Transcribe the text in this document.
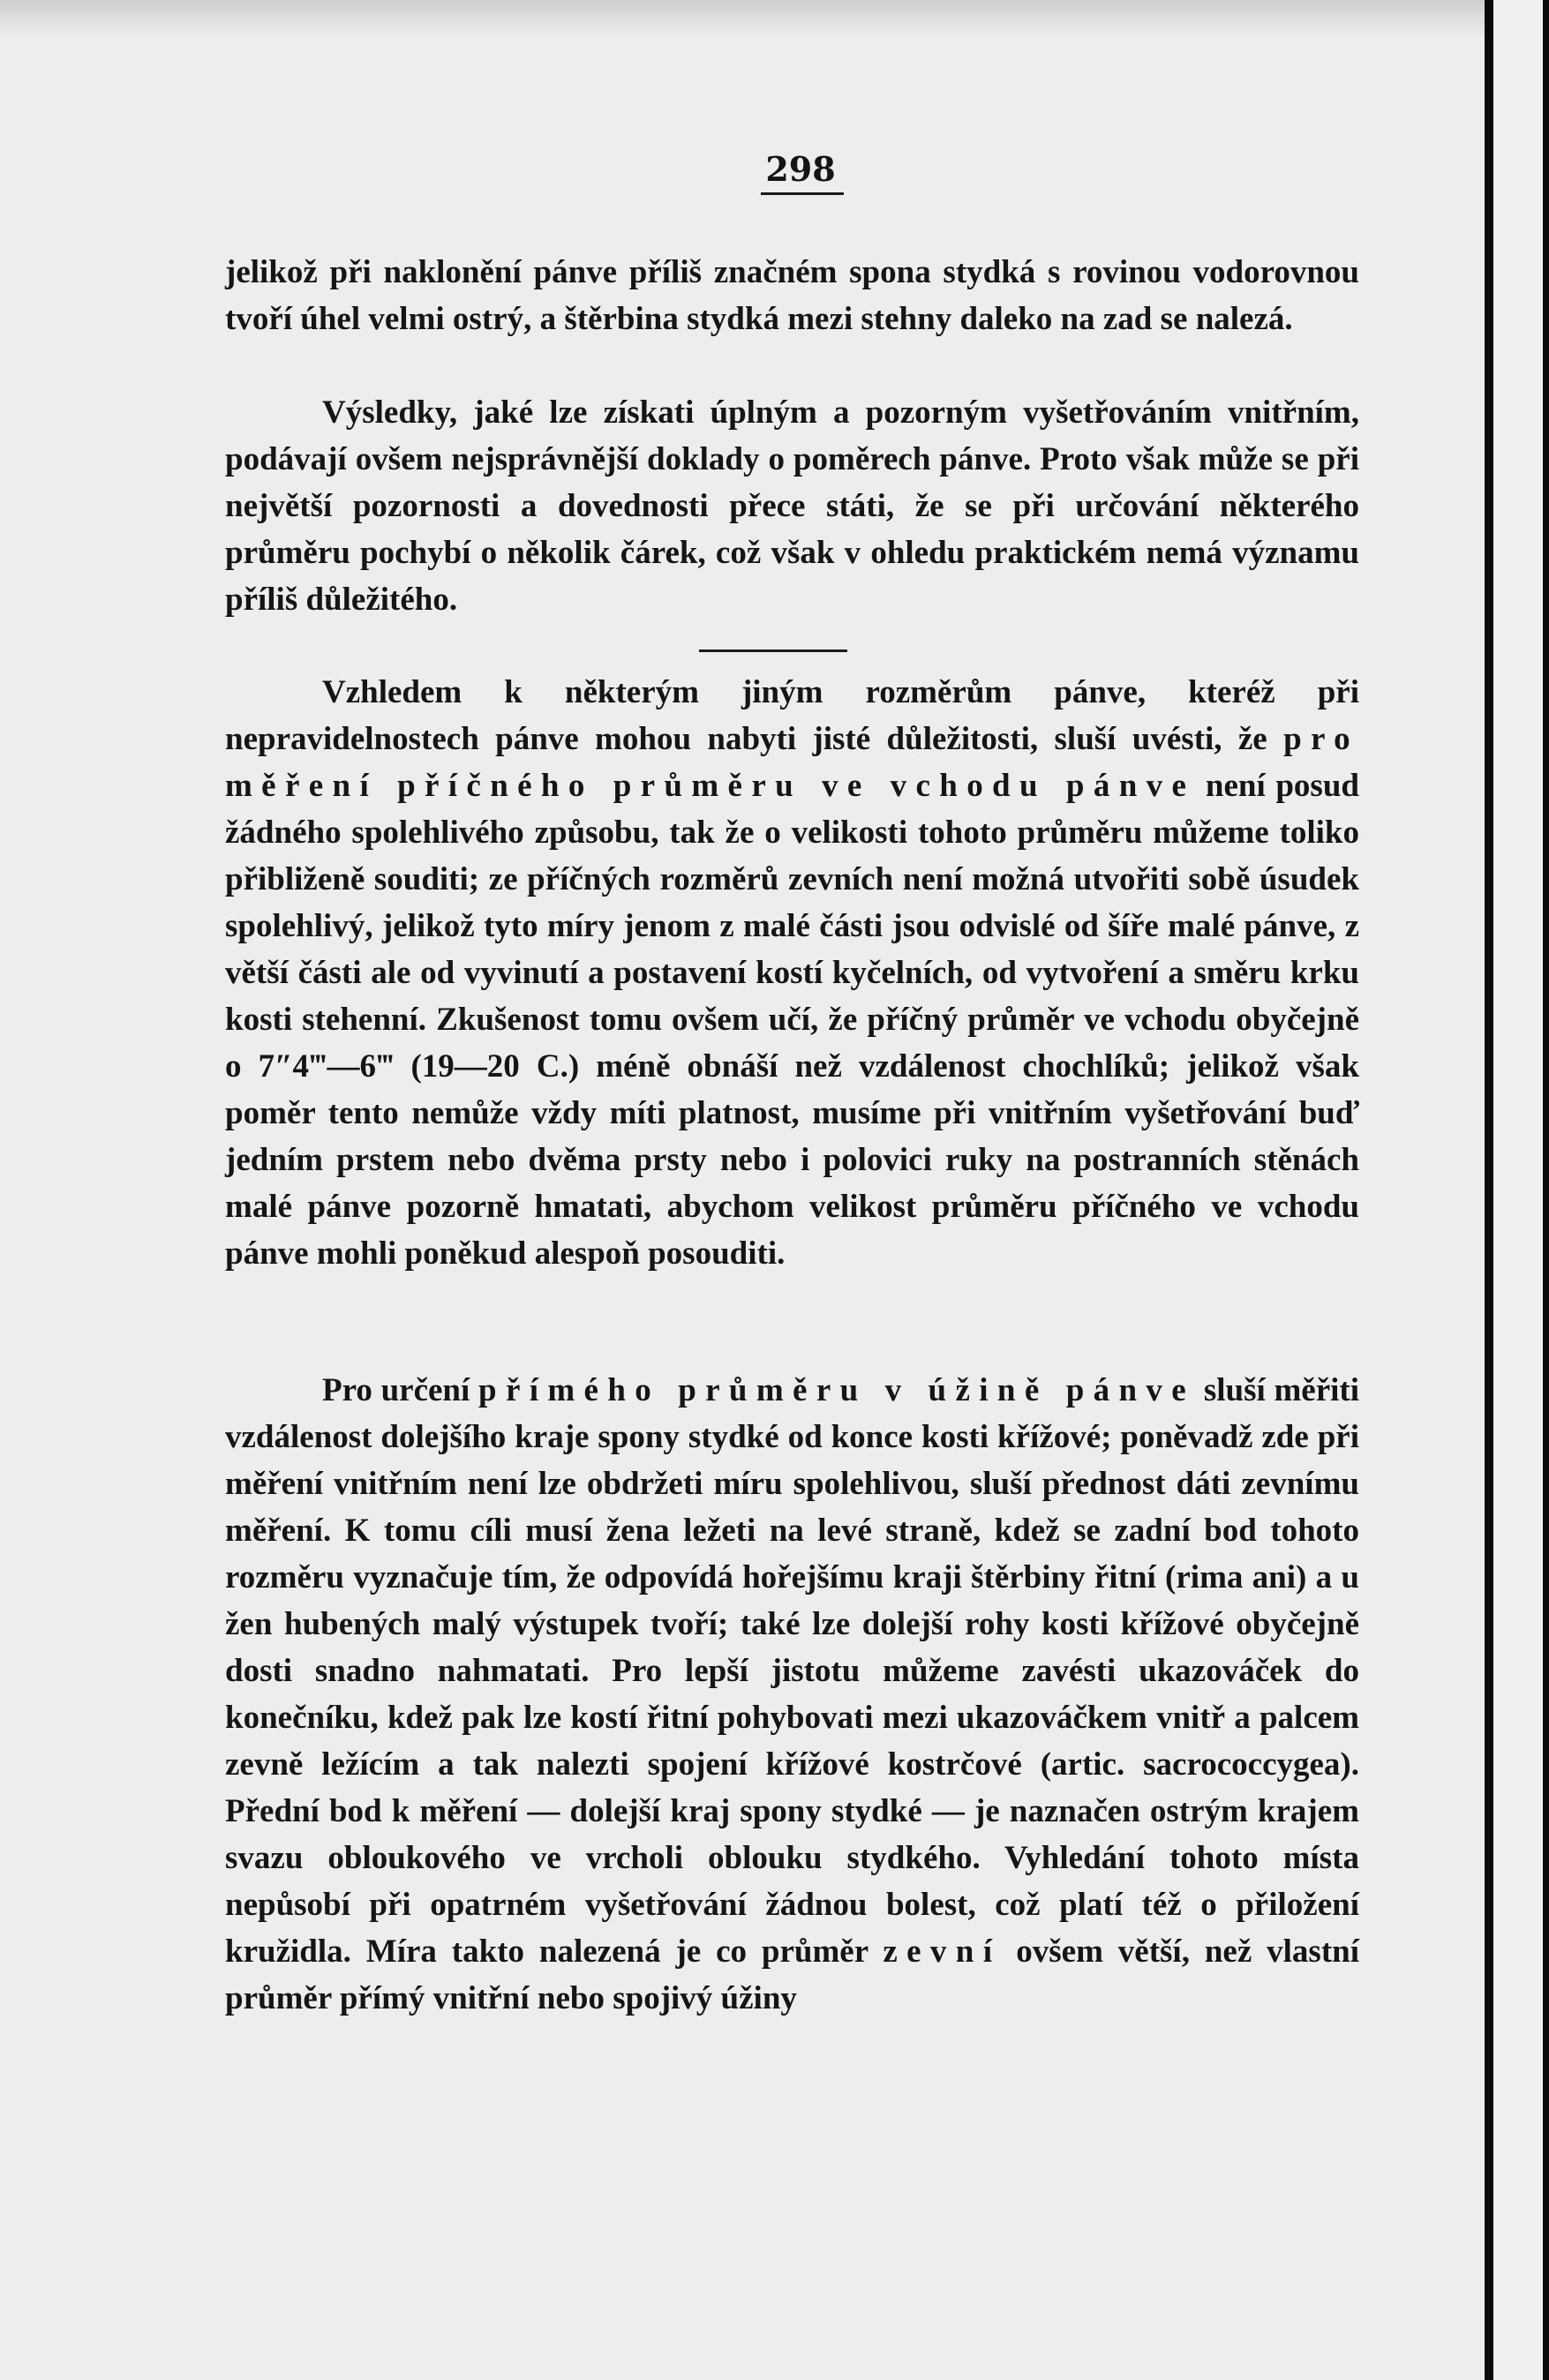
298

jelikož při naklonění pánve příliš značném spona stydká s rovinou vodorovnou tvoří úhel velmi ostrý, a štěrbina stydká mezi stehny daleko na zad se nalezá.

Výsledky, jaké lze získati úplným a pozorným vyšetřováním vnitřním, podávají ovšem nejsprávnější doklady o poměrech pánve. Proto však může se při největší pozornosti a dovednosti přece státi, že se při určování některého průměru pochybí o několik čárek, což však v ohledu praktickém nemá významu příliš důležitého.

Vzhledem k některým jiným rozměrům pánve, kteréž při nepravidelnostech pánve mohou nabyti jisté důležitosti, sluší uvésti, že pro měření příčného průměru ve vchodu pánve není posud žádného spolehlivého způsobu, tak že o velikosti tohoto průměru můžeme toliko přibliženě souditi; ze příčných rozměrů zevních není možná utvořiti sobě úsudek spolehlivý, jelikož tyto míry jenom z malé části jsou odvislé od šíře malé pánve, z větší části ale od vyvinutí a postavení kostí kyčelních, od vytvoření a směru krku kosti stehenní. Zkušenost tomu ovšem učí, že příčný průměr ve vchodu obyčejně o 7″4‴—6‴ (19—20 C.) méně obnáší než vzdálenost chochlíků; jelikož však poměr tento nemůže vždy míti platnost, musíme při vnitřním vyšetřování buď jedním prstem nebo dvěma prsty nebo i polovici ruky na postranních stěnách malé pánve pozorně hmatati, abychom velikost průměru příčného ve vchodu pánve mohli poněkud alespoň posouditi.

Pro určení přímého průměru v úžině pánve sluší měřiti vzdálenost dolejšího kraje spony stydké od konce kosti křížové; poněvadž zde při měření vnitřním není lze obdržeti míru spolehlivou, sluší přednost dáti zevnímu měření. K tomu cíli musí žena ležeti na levé straně, kdež se zadní bod tohoto rozměru vyznačuje tím, že odpovídá hořejšímu kraji štěrbiny řitní (rima ani) a u žen hubených malý výstupek tvoří; také lze dolejší rohy kosti křížové obyčejně dosti snadno nahmatati. Pro lepší jistotu můžeme zavésti ukazováček do konečníku, kdež pak lze kostí řitní pohybovati mezi ukazováčkem vnitř a palcem zevně ležícím a tak nalezti spojení křížové kostrčové (artic. sacrococcygea). Přední bod k měření — dolejší kraj spony stydké — je naznačen ostrým krajem svazu obloukového ve vrcholi oblouku stydkého. Vyhledání tohoto místa nepůsobí při opatrném vyšetřování žádnou bolest, což platí též o přiložení kružidla. Míra takto nalezená je co průměr zevní ovšem větší, než vlastní průměr přímý vnitřní nebo spojivý úžiny
